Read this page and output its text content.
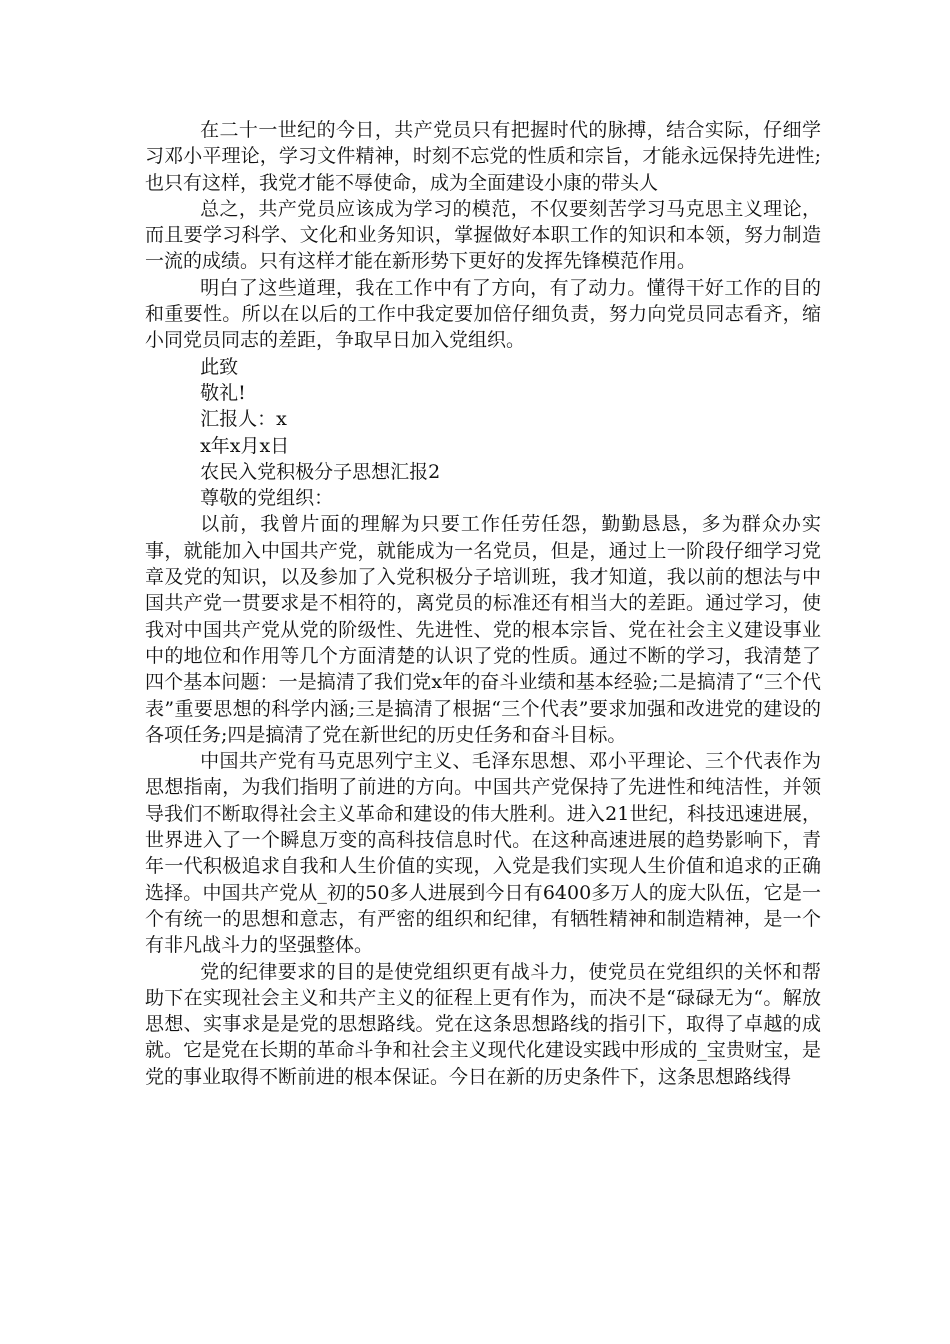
在二十一世纪的今日，共产党员只有把握时代的脉搏，结合实际，仔细学习邓小平理论，学习文件精神，时刻不忘党的性质和宗旨，才能永远保持先进性;也只有这样，我党才能不辱使命，成为全面建设小康的带头人

总之，共产党员应该成为学习的模范，不仅要刻苦学习马克思主义理论，而且要学习科学、文化和业务知识，掌握做好本职工作的知识和本领，努力制造一流的成绩。只有这样才能在新形势下更好的发挥先锋模范作用。

明白了这些道理，我在工作中有了方向，有了动力。懂得干好工作的目的和重要性。所以在以后的工作中我定要加倍仔细负责，努力向党员同志看齐，缩小同党员同志的差距，争取早日加入党组织。

此致

敬礼!

汇报人：x

x年x月x日

农民入党积极分子思想汇报2

尊敬的党组织：

以前，我曾片面的理解为只要工作任劳任怨，勤勤恳恳，多为群众办实事，就能加入中国共产党，就能成为一名党员，但是，通过上一阶段仔细学习党章及党的知识，以及参加了入党积极分子培训班，我才知道，我以前的想法与中国共产党一贯要求是不相符的，离党员的标准还有相当大的差距。通过学习，使我对中国共产党从党的阶级性、先进性、党的根本宗旨、党在社会主义建设事业中的地位和作用等几个方面清楚的认识了党的性质。通过不断的学习，我清楚了四个基本问题：一是搞清了我们党x年的奋斗业绩和基本经验;二是搞清了“三个代表”重要思想的科学内涵;三是搞清了根据“三个代表”要求加强和改进党的建设的各项任务;四是搞清了党在新世纪的历史任务和奋斗目标。

中国共产党有马克思列宁主义、毛泽东思想、邓小平理论、三个代表作为思想指南，为我们指明了前进的方向。中国共产党保持了先进性和纯洁性，并领导我们不断取得社会主义革命和建设的伟大胜利。进入21世纪，科技迅速进展，世界进入了一个瞬息万变的高科技信息时代。在这种高速进展的趋势影响下，青年一代积极追求自我和人生价值的实现，入党是我们实现人生价值和追求的正确选择。中国共产党从_初的50多人进展到今日有6400多万人的庞大队伍，它是一个有统一的思想和意志，有严密的组织和纪律，有牺牲精神和制造精神，是一个有非凡战斗力的坚强整体。

党的纪律要求的目的是使党组织更有战斗力，使党员在党组织的关怀和帮助下在实现社会主义和共产主义的征程上更有作为，而决不是“碌碌无为“。解放思想、实事求是是党的思想路线。党在这条思想路线的指引下，取得了卓越的成就。它是党在长期的革命斗争和社会主义现代化建设实践中形成的_宝贵财宝，是党的事业取得不断前进的根本保证。今日在新的历史条件下，这条思想路线得
